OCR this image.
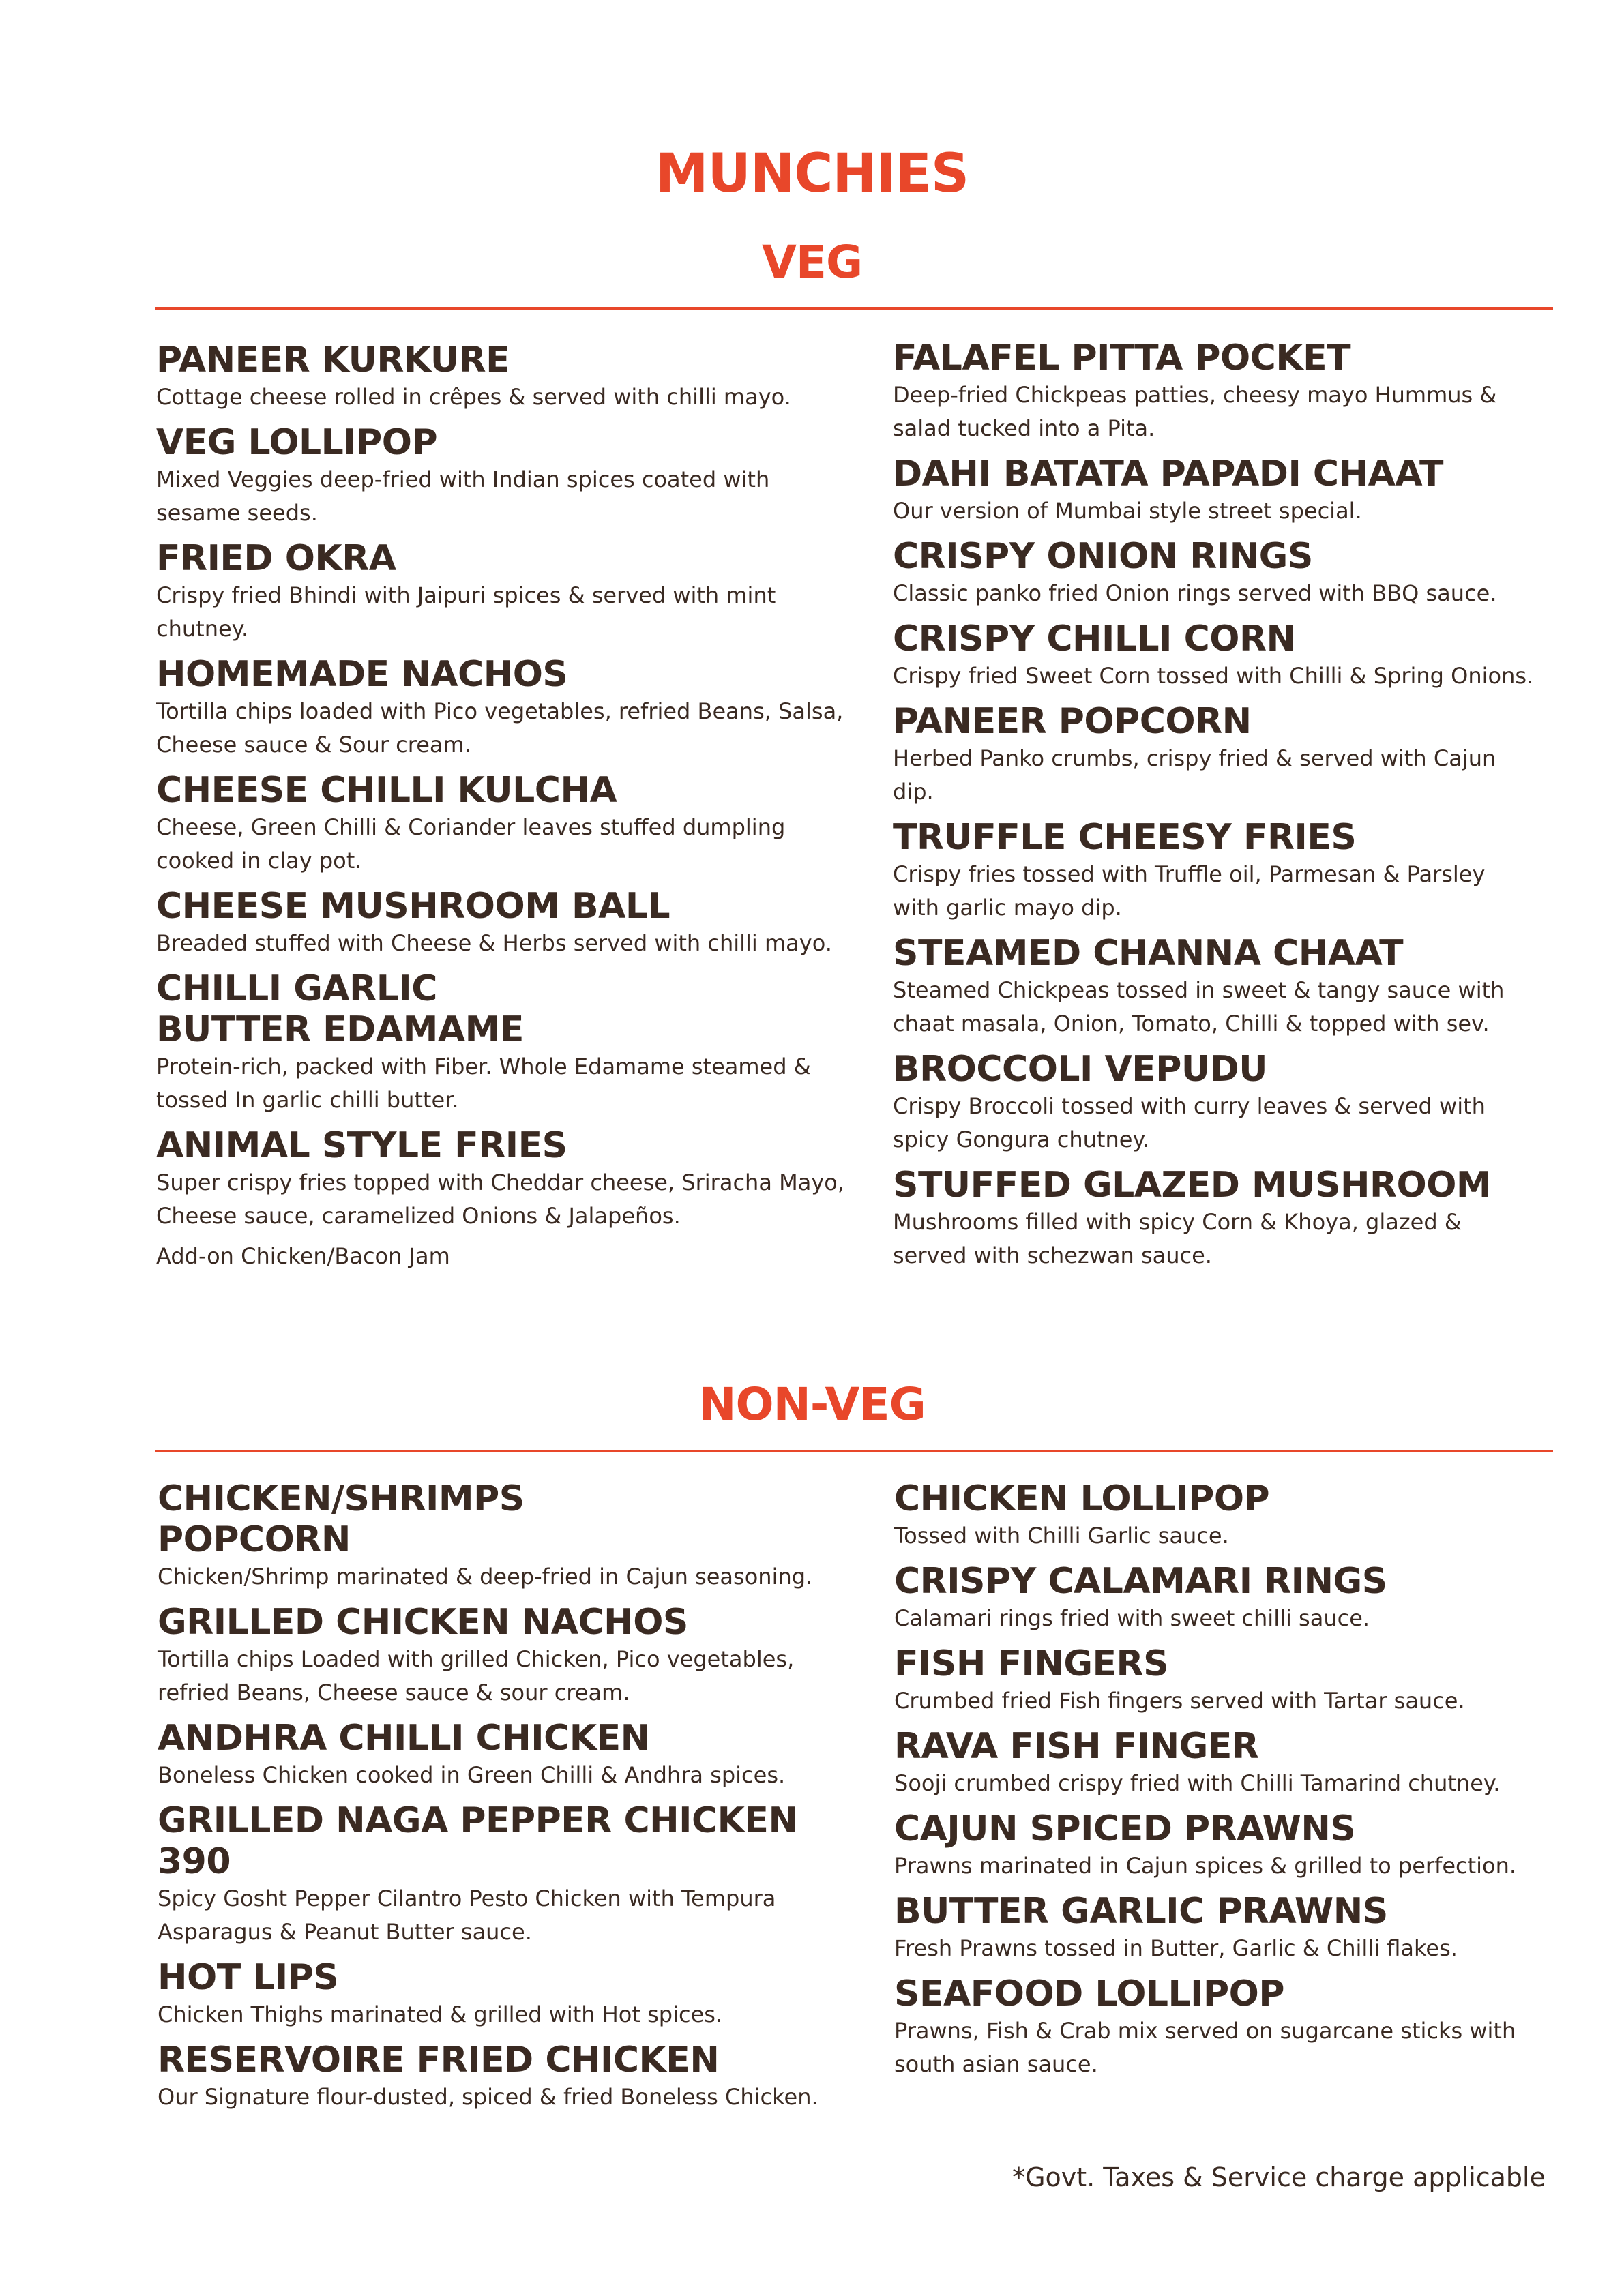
MUNCHIES
VEG
PANEER KURKURE
Cottage cheese rolled in crêpes & served with chilli mayo.
VEG LOLLIPOP
Mixed Veggies deep-fried with Indian spices coated with sesame seeds.
FRIED OKRA
Crispy fried Bhindi with Jaipuri spices & served with mint chutney.
HOMEMADE NACHOS
Tortilla chips loaded with Pico vegetables, refried Beans, Salsa, Cheese sauce & Sour cream.
CHEESE CHILLI KULCHA
Cheese, Green Chilli & Coriander leaves stuffed dumpling cooked in clay pot.
CHEESE MUSHROOM BALL
Breaded stuffed with Cheese & Herbs served with chilli mayo.
CHILLI GARLIC BUTTER EDAMAME
Protein-rich, packed with Fiber. Whole Edamame steamed & tossed In garlic chilli butter.
ANIMAL STYLE FRIES
Super crispy fries topped with Cheddar cheese, Sriracha Mayo, Cheese sauce, caramelized Onions & Jalapeños.
Add-on Chicken/Bacon Jam
FALAFEL PITTA POCKET
Deep-fried Chickpeas patties, cheesy mayo Hummus & salad tucked into a Pita.
DAHI BATATA PAPADI CHAAT
Our version of Mumbai style street special.
CRISPY ONION RINGS
Classic panko fried Onion rings served with BBQ sauce.
CRISPY CHILLI CORN
Crispy fried Sweet Corn tossed with Chilli & Spring Onions.
PANEER POPCORN
Herbed Panko crumbs, crispy fried & served with Cajun dip.
TRUFFLE CHEESY FRIES
Crispy fries tossed with Truffle oil, Parmesan & Parsley with garlic mayo dip.
STEAMED CHANNA CHAAT
Steamed Chickpeas tossed in sweet & tangy sauce with chaat masala, Onion, Tomato, Chilli & topped with sev.
BROCCOLI VEPUDU
Crispy Broccoli tossed with curry leaves & served with spicy Gongura chutney.
STUFFED GLAZED MUSHROOM
Mushrooms filled with spicy Corn & Khoya, glazed & served with schezwan sauce.
NON-VEG
CHICKEN/SHRIMPS POPCORN
Chicken/Shrimp marinated & deep-fried in Cajun seasoning.
GRILLED CHICKEN NACHOS
Tortilla chips Loaded with grilled Chicken, Pico vegetables, refried Beans, Cheese sauce & sour cream.
ANDHRA CHILLI CHICKEN
Boneless Chicken cooked in Green Chilli & Andhra spices.
GRILLED NAGA PEPPER CHICKEN 390
Spicy Gosht Pepper Cilantro Pesto Chicken with Tempura Asparagus & Peanut Butter sauce.
HOT LIPS
Chicken Thighs marinated & grilled with Hot spices.
RESERVOIRE FRIED CHICKEN
Our Signature flour-dusted, spiced & fried Boneless Chicken.
CHICKEN LOLLIPOP
Tossed with Chilli Garlic sauce.
CRISPY CALAMARI RINGS
Calamari rings fried with sweet chilli sauce.
FISH FINGERS
Crumbed fried Fish fingers served with Tartar sauce.
RAVA FISH FINGER
Sooji crumbed crispy fried with Chilli Tamarind chutney.
CAJUN SPICED PRAWNS
Prawns marinated in Cajun spices & grilled to perfection.
BUTTER GARLIC PRAWNS
Fresh Prawns tossed in Butter, Garlic & Chilli flakes.
SEAFOOD LOLLIPOP
Prawns, Fish & Crab mix served on sugarcane sticks with south asian sauce.
*Govt. Taxes & Service charge applicable
